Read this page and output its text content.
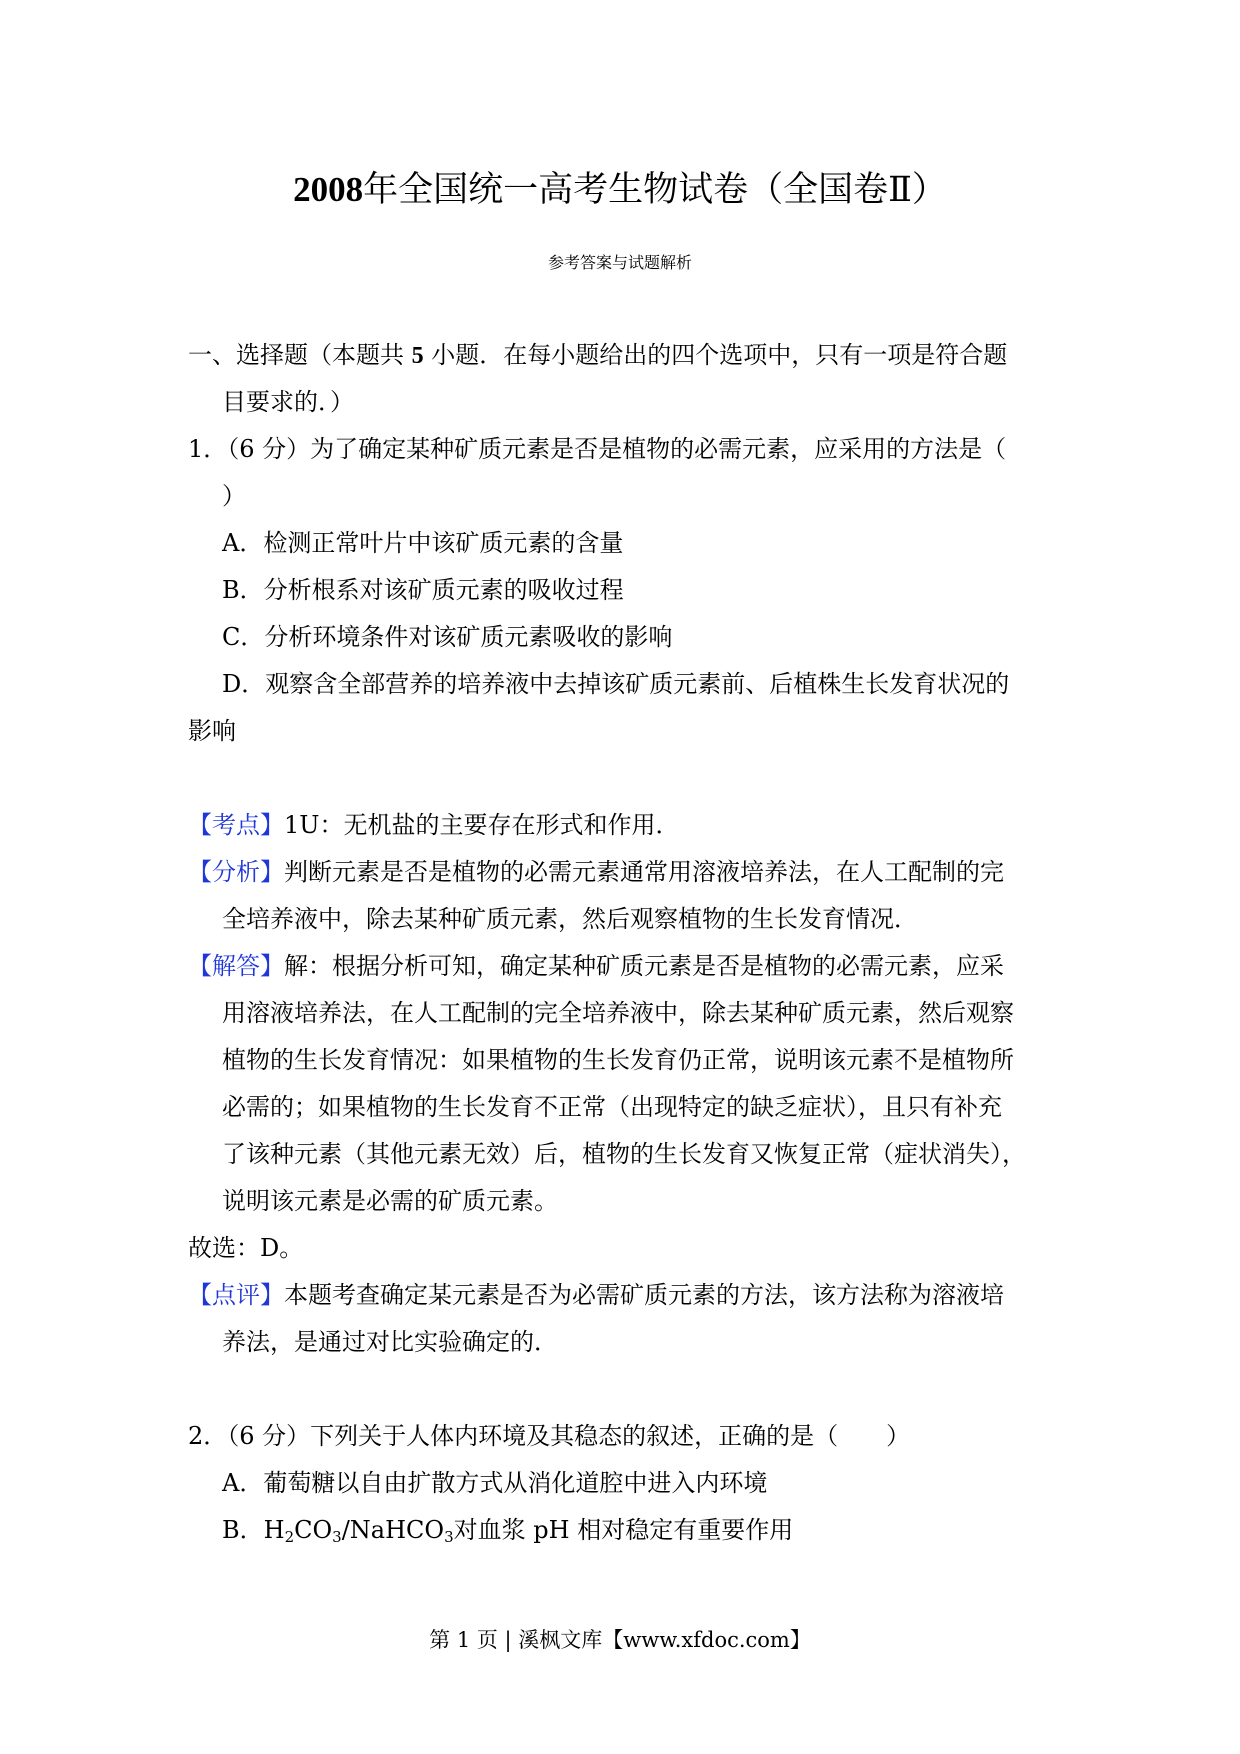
2008年全国统一高考生物试卷（全国卷Ⅱ）
参考答案与试题解析
一、选择题（本题共 5 小题．在每小题给出的四个选项中，只有一项是符合题
目要求的．）
1．（6 分）为了确定某种矿质元素是否是植物的必需元素，应采用的方法是（
）
A．检测正常叶片中该矿质元素的含量
B．分析根系对该矿质元素的吸收过程
C．分析环境条件对该矿质元素吸收的影响
D．观察含全部营养的培养液中去掉该矿质元素前、后植株生长发育状况的
影响
【考点】1U：无机盐的主要存在形式和作用．
【分析】判断元素是否是植物的必需元素通常用溶液培养法，在人工配制的完
全培养液中，除去某种矿质元素，然后观察植物的生长发育情况．
【解答】解：根据分析可知，确定某种矿质元素是否是植物的必需元素，应采
用溶液培养法，在人工配制的完全培养液中，除去某种矿质元素，然后观察
植物的生长发育情况：如果植物的生长发育仍正常，说明该元素不是植物所
必需的；如果植物的生长发育不正常（出现特定的缺乏症状），且只有补充
了该种元素（其他元素无效）后，植物的生长发育又恢复正常（症状消失），
说明该元素是必需的矿质元素。
故选：D。
【点评】本题考查确定某元素是否为必需矿质元素的方法，该方法称为溶液培
养法，是通过对比实验确定的．
2．（6 分）下列关于人体内环境及其稳态的叙述，正确的是（　　）
A．葡萄糖以自由扩散方式从消化道腔中进入内环境
B．$H_2CO_3/NaHCO_3$对血浆 pH 相对稳定有重要作用
第 1 页 | 溪枫文库【www.xfdoc.com】
